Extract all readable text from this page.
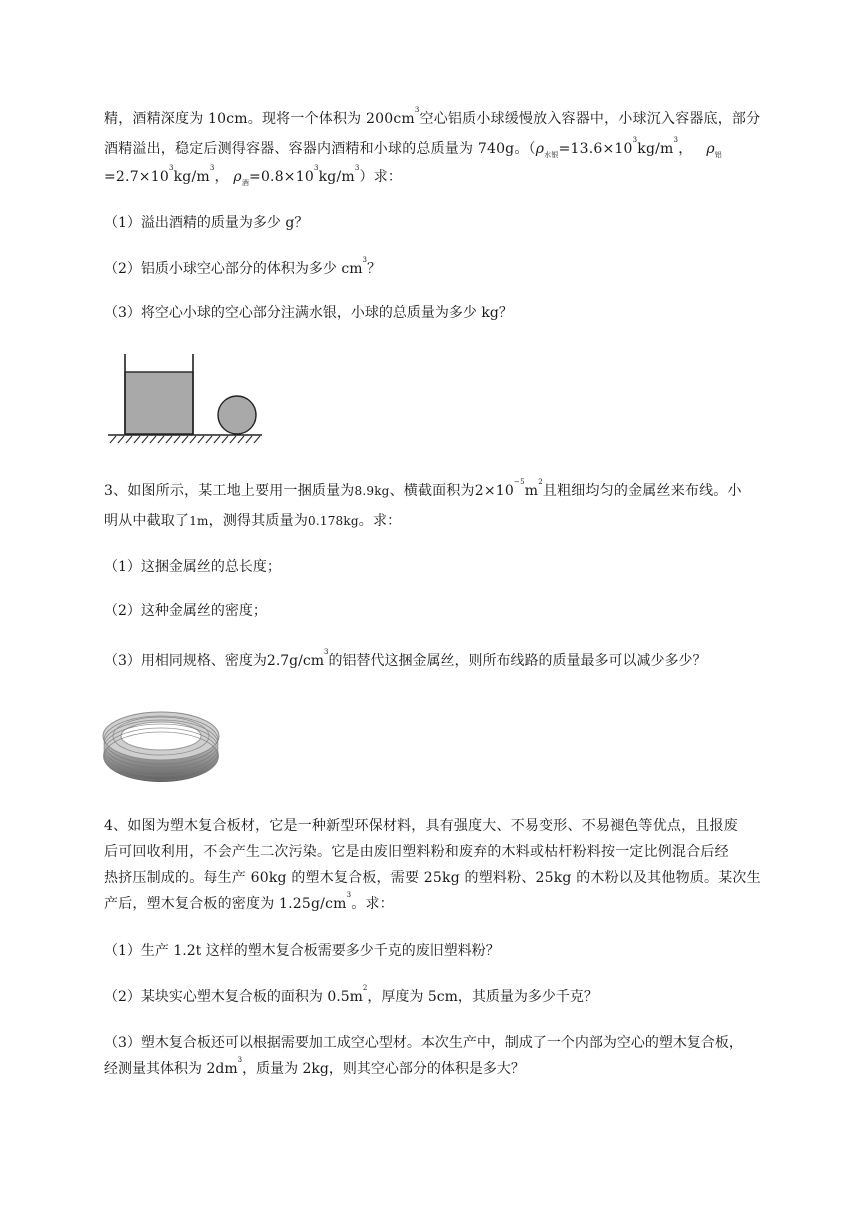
精，酒精深度为 10cm。现将一个体积为 $200cm^3$空心铝质小球缓慢放入容器中，小球沉入容器底，部分
酒精溢出，稳定后测得容器、容器内酒精和小球的总质量为 740g。（$\rho_{水银}=13.6\times 10^3kg/m^3$， $\rho_铝$
$=2.7\times 10^3kg/m^3$， $\rho_酒=0.8\times 10^3kg/m^3$）求：
（1）溢出酒精的质量为多少 g？
（2）铝质小球空心部分的体积为多少 $cm^3$？
（3）将空心小球的空心部分注满水银，小球的总质量为多少 kg？
3、如图所示，某工地上要用一捆质量为8.9kg、横截面积为$2\times 10^{-5}m^2$且粗细均匀的金属丝来布线。小
明从中截取了1m，测得其质量为0.178kg。求：
（1）这捆金属丝的总长度；
（2）这种金属丝的密度；
（3）用相同规格、密度为$2.7g/cm^3$的铝替代这捆金属丝，则所布线路的质量最多可以减少多少？
4、如图为塑木复合板材，它是一种新型环保材料，具有强度大、不易变形、不易褪色等优点，且报废
后可回收利用，不会产生二次污染。它是由废旧塑料粉和废弃的木料或枯杆粉料按一定比例混合后经
热挤压制成的。每生产 60kg 的塑木复合板，需要 25kg 的塑料粉、25kg 的木粉以及其他物质。某次生
产后，塑木复合板的密度为 $1.25g/cm^3$。求：
（1）生产 1.2t 这样的塑木复合板需要多少千克的废旧塑料粉？
（2）某块实心塑木复合板的面积为 $0.5m^2$，厚度为 5cm，其质量为多少千克？
（3）塑木复合板还可以根据需要加工成空心型材。本次生产中，制成了一个内部为空心的塑木复合板，
经测量其体积为 $2dm^3$，质量为 2kg，则其空心部分的体积是多大？
